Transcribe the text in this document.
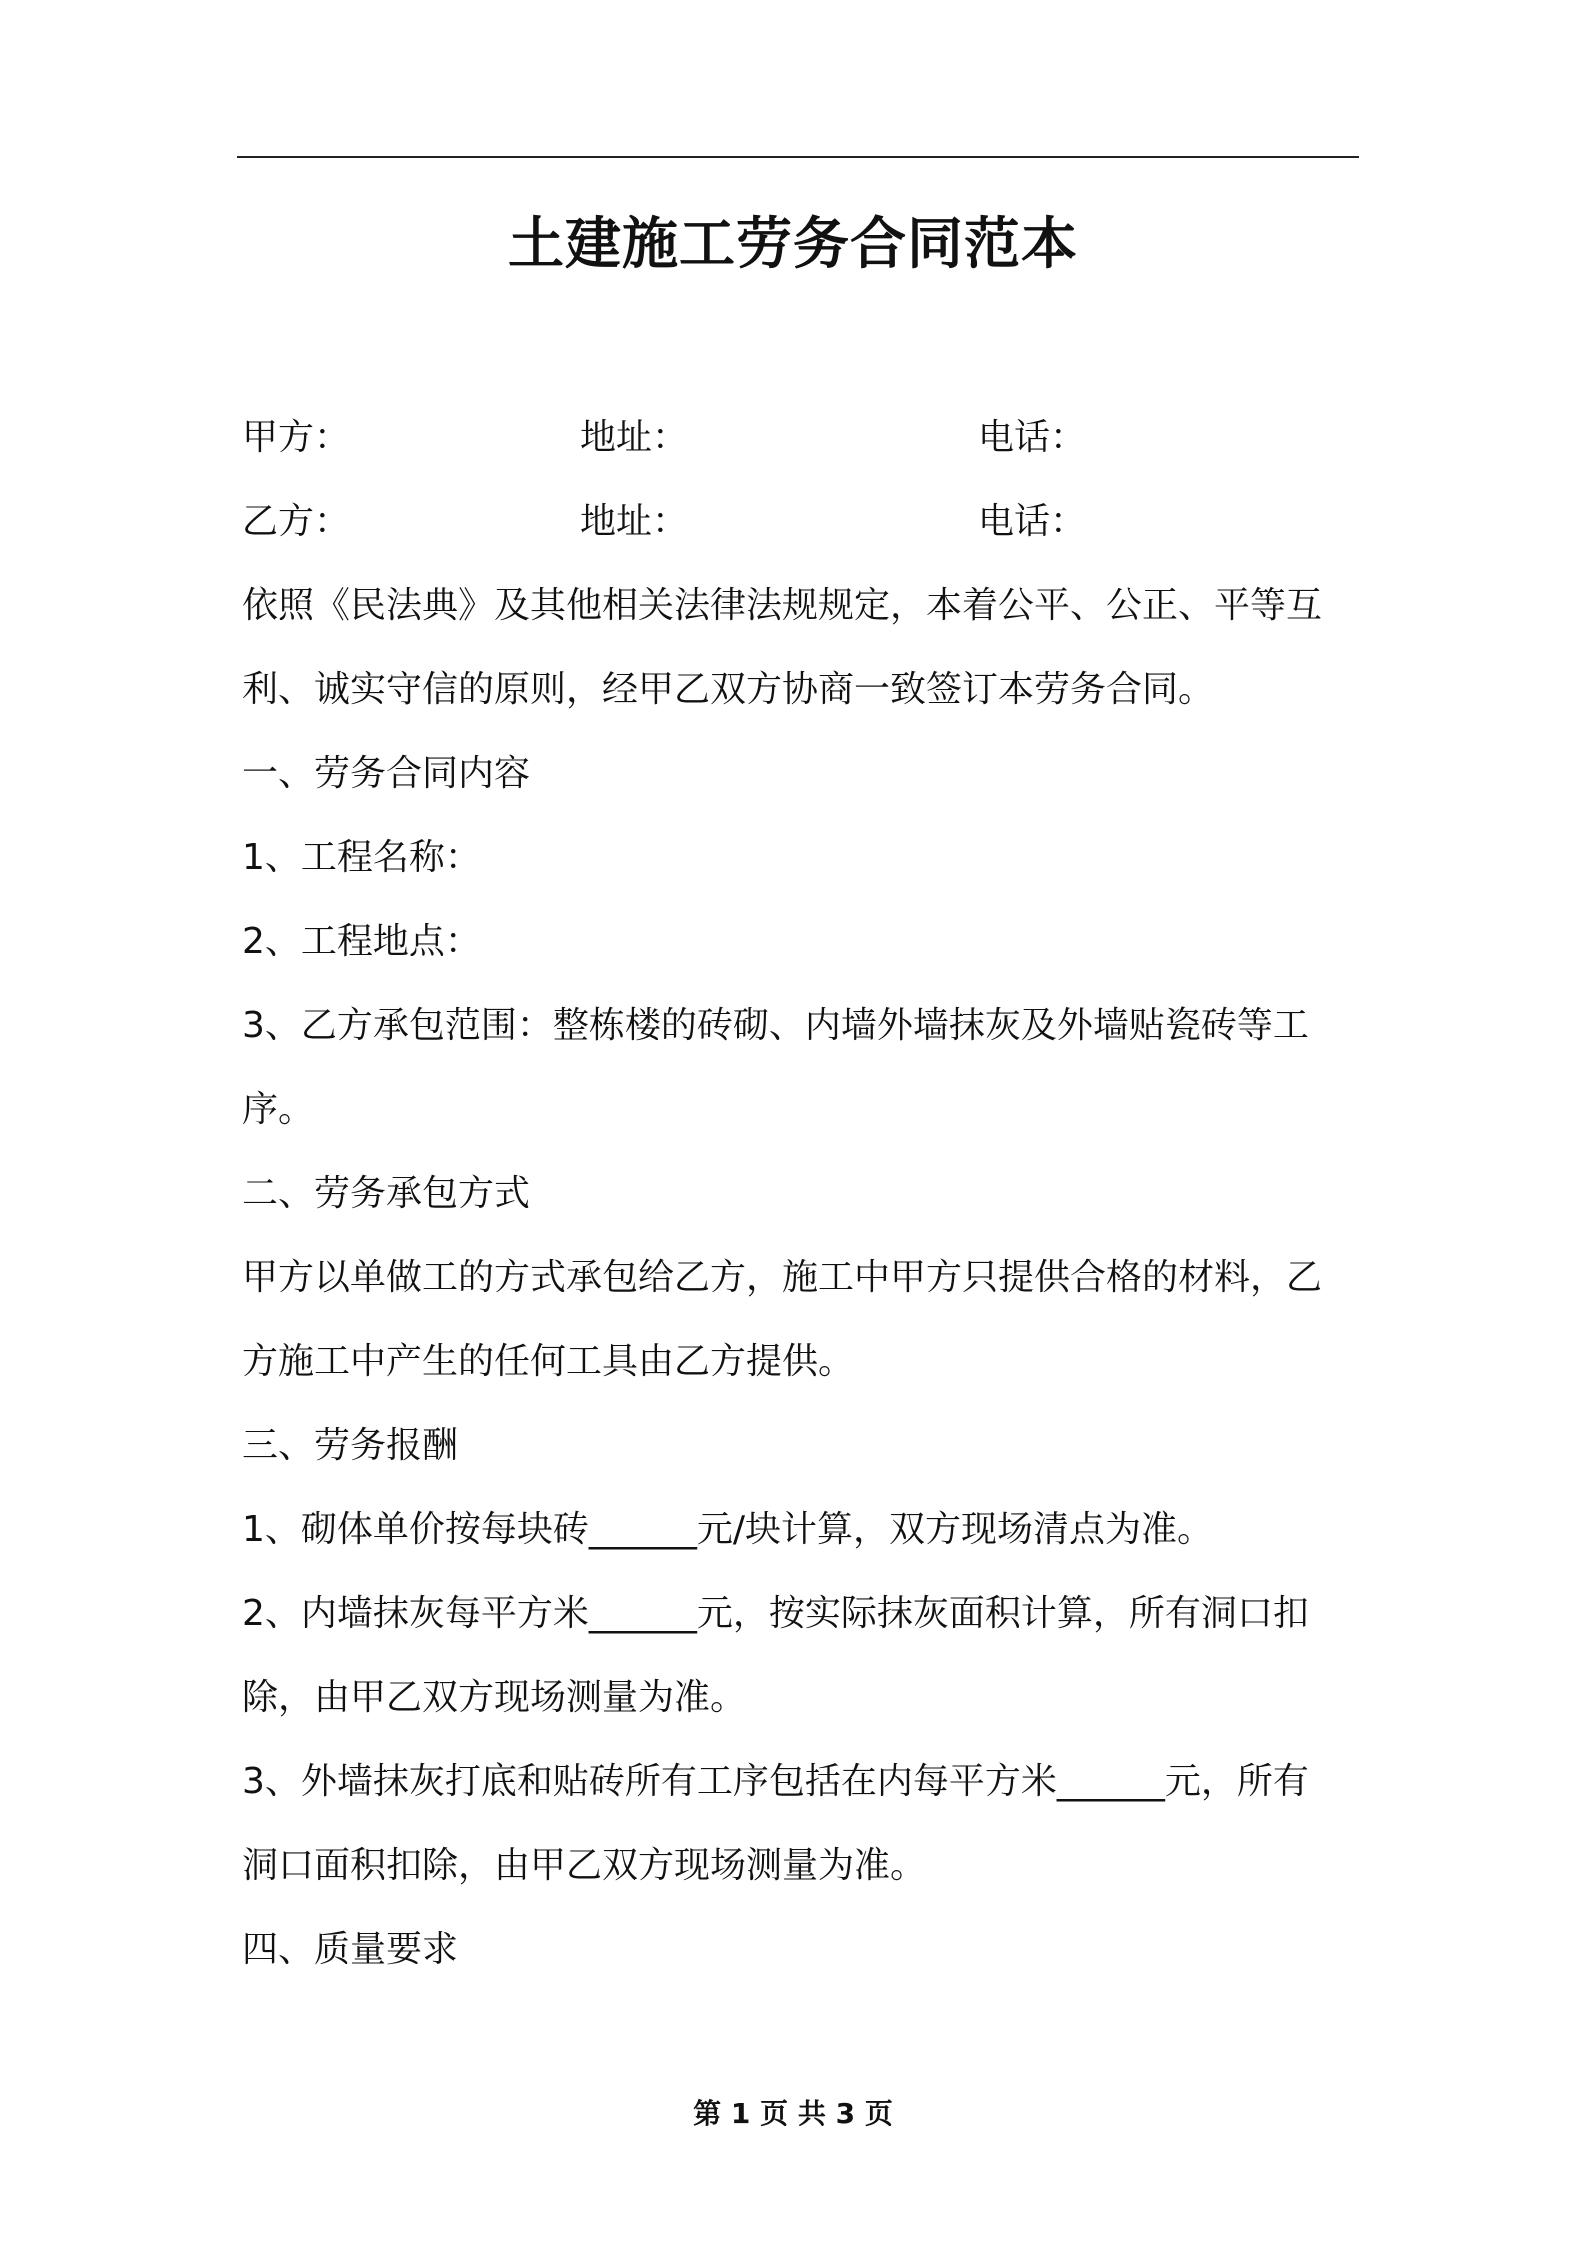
土建施工劳务合同范本
甲方：	地址：	电话：
乙方：	地址：	电话：
依照《民法典》及其他相关法律法规规定，本着公平、公正、平等互
利、诚实守信的原则，经甲乙双方协商一致签订本劳务合同。
一、劳务合同内容
1、工程名称：
2、工程地点：
3、乙方承包范围：整栋楼的砖砌、内墙外墙抹灰及外墙贴瓷砖等工
序。
二、劳务承包方式
甲方以单做工的方式承包给乙方，施工中甲方只提供合格的材料，乙
方施工中产生的任何工具由乙方提供。
三、劳务报酬
1、砌体单价按每块砖______元/块计算，双方现场清点为准。
2、内墙抹灰每平方米______元，按实际抹灰面积计算，所有洞口扣
除，由甲乙双方现场测量为准。
3、外墙抹灰打底和贴砖所有工序包括在内每平方米______元，所有
洞口面积扣除，由甲乙双方现场测量为准。
四、质量要求
第 1 页 共 3 页
